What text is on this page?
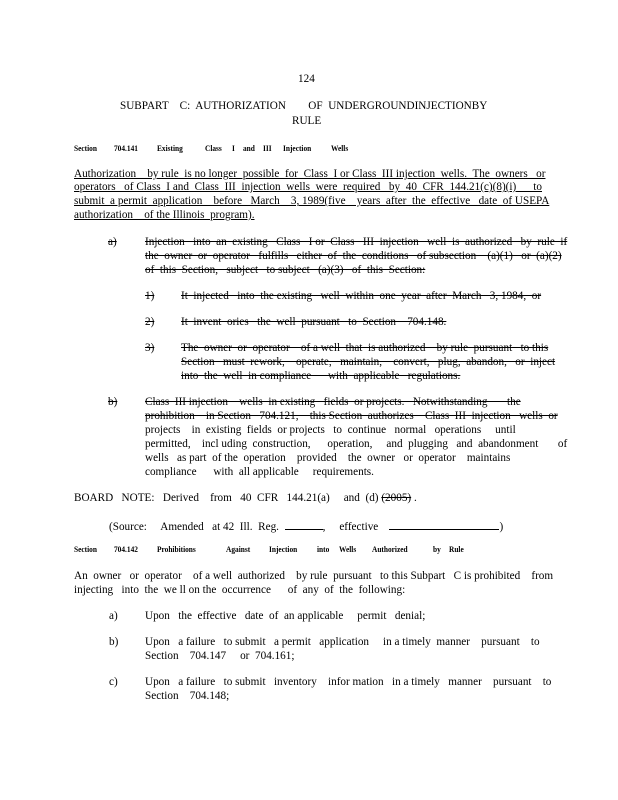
124
SUBPART    C:  AUTHORIZATION        OF  UNDERGROUNDINJECTIONBY
RULE
Section 704.141 Existing	Class I and III Injection Wells
Authorization    by rule  is no longer  possible  for  Class  I or Class  III injection  wells.  The  owners   or
operators   of Class  I and  Class  III  injection  wells  were  required   by  40  CFR  144.21(c)(8)(i)      to
submit  a permit  application    before   March    3, 1989(five    years  after  the  effective   date  of USEPA
authorization    of the Illinois  program).
a)	Injection   into  an  existing   Class   I or  Class   III  injection   well  is  authorized   by  rule  if
the  owner  or  operator   fulfills   either  of  the  conditions   of subsection    (a)(1)   or  (a)(2)
of  this  Section,   subject   to subject   (a)(3)   of  this  Section:
1) It  injected   into  the existing   well  within  one  year  after  March   3, 1984,  or
2) It  invent  ories   the  well  pursuant   to  Section    704.148.
3) The  owner  or  operator    of a well  that  is authorized    by rule  pursuant   to this
Section   must  rework,    operate,   maintain,    convert,   plug,  abandon,   or  inject
into  the  well  in compliance      with  applicable   regulations.
b) Class  III injection    wells  in existing   fields  or projects.   Notwithstanding       the
prohibition    in Section   704.121,    this Section  authorizes    Class  III  injection   wells  or
projects    in  existing  fields  or projects   to  continue   normal   operations     until
permitted,    incl uding  construction,      operation,     and  plugging   and  abandonment       of
wells   as part  of the  operation    provided    the  owner   or  operator    maintains
compliance      with  all applicable     requirements.
BOARD   NOTE:   Derived    from   40  CFR   144.21(a)     and  (d) (2005) .
(Source:     Amended   at 42  Ill.  Reg.	, effective	)
Section 704.142 Prohibitions	Against Injection into Wells Authorized	by Rule
An  owner   or  operator    of a well  authorized    by rule  pursuant   to this Subpart   C is prohibited    from
injecting   into  the  we ll on the  occurrence      of  any  of  the  following:
a) Upon   the  effective   date  of  an applicable     permit   denial;
b) Upon   a failure   to submit   a permit   application     in a timely  manner    pursuant    to
Section    704.147     or  704.161;
c) Upon   a failure   to submit   inventory    infor mation   in a timely   manner    pursuant    to
Section    704.148;
